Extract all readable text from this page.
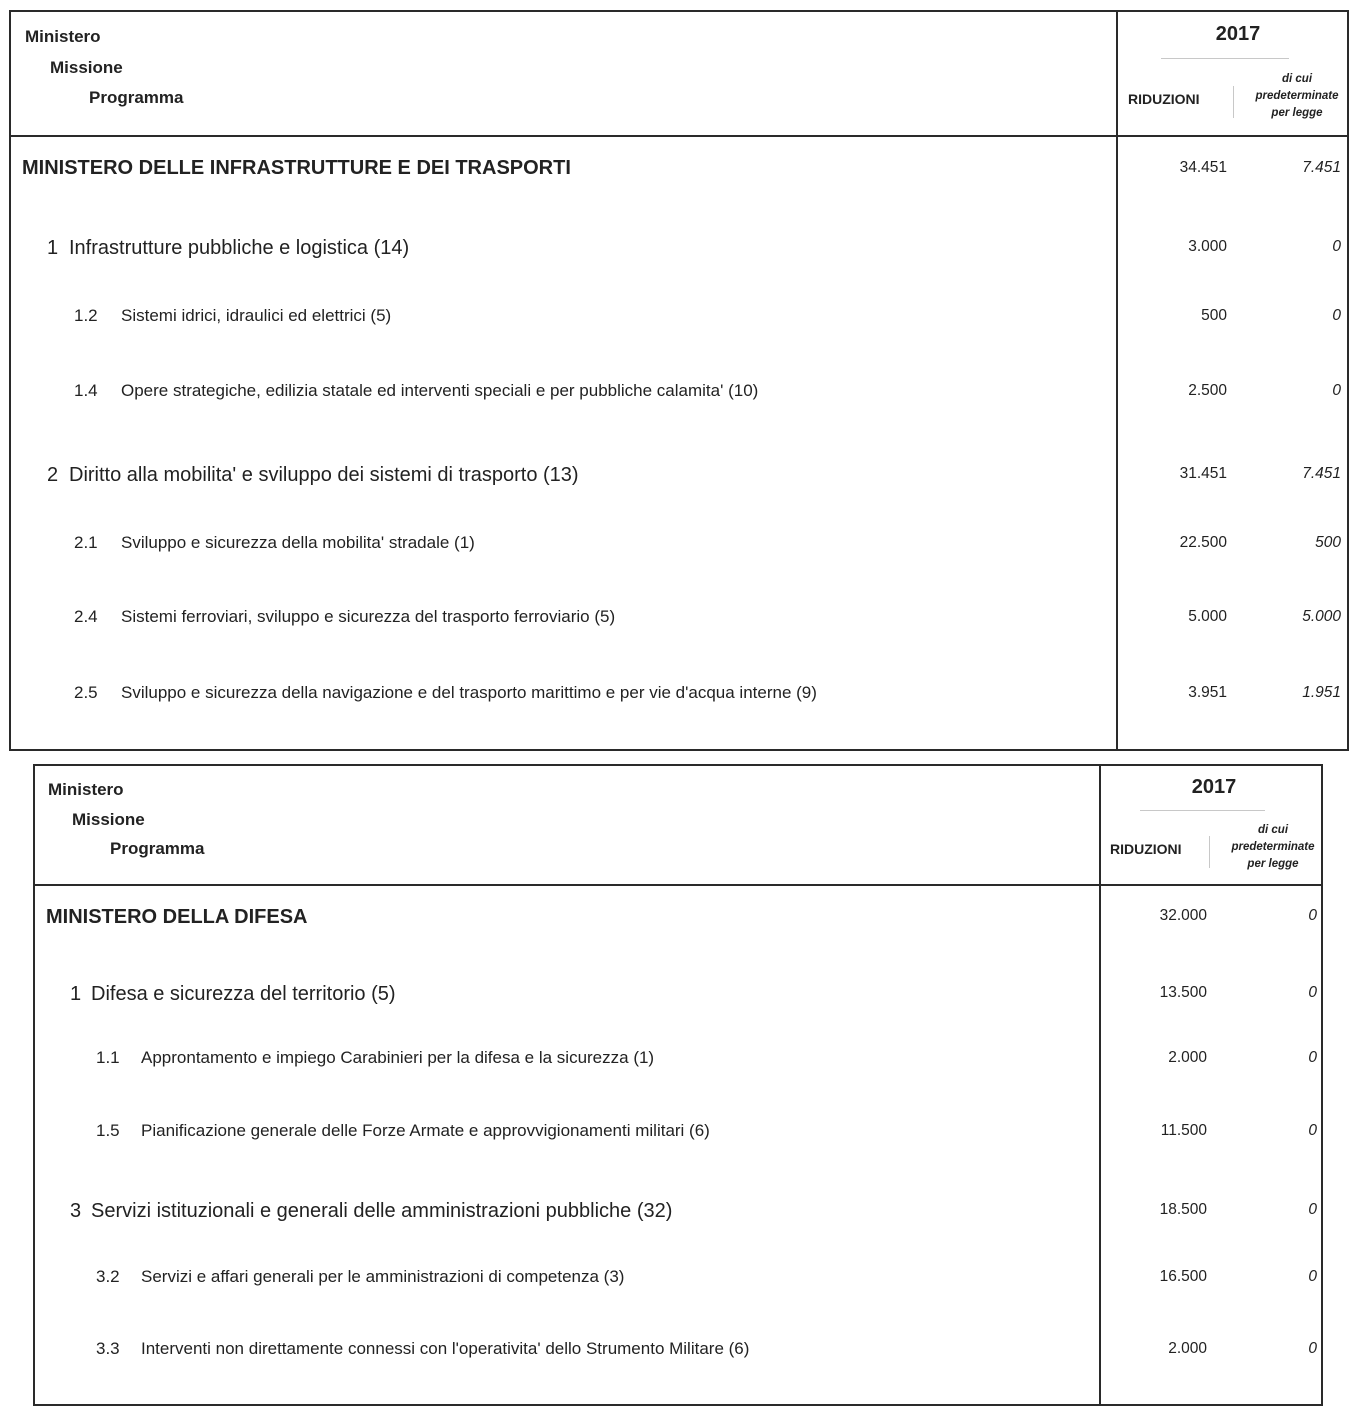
Ministero
Missione
Programma
2017
RIDUZIONI
di cui
predeterminate
per legge
MINISTERO DELLE INFRASTRUTTURE E DEI TRASPORTI	34.451	7.451
1 Infrastrutture pubbliche e logistica (14)	3.000	0
1.2 Sistemi idrici, idraulici ed elettrici (5)	500	0
1.4 Opere strategiche, edilizia statale ed interventi speciali e per pubbliche calamita' (10)	2.500	0
2 Diritto alla mobilita' e sviluppo dei sistemi di trasporto (13)	31.451	7.451
2.1 Sviluppo e sicurezza della mobilita' stradale (1)	22.500	500
2.4 Sistemi ferroviari, sviluppo e sicurezza del trasporto ferroviario (5)	5.000	5.000
2.5 Sviluppo e sicurezza della navigazione e del trasporto marittimo e per vie d'acqua interne (9)	3.951	1.951
Ministero
Missione
Programma
2017
RIDUZIONI
di cui
predeterminate
per legge
MINISTERO DELLA DIFESA	32.000	0
1 Difesa e sicurezza del territorio (5)	13.500	0
1.1 Approntamento e impiego Carabinieri per la difesa e la sicurezza (1)	2.000	0
1.5 Pianificazione generale delle Forze Armate e approvvigionamenti militari (6)	11.500	0
3 Servizi istituzionali e generali delle amministrazioni pubbliche (32)	18.500	0
3.2 Servizi e affari generali per le amministrazioni di competenza (3)	16.500	0
3.3 Interventi non direttamente connessi con l'operativita' dello Strumento Militare (6)	2.000	0
